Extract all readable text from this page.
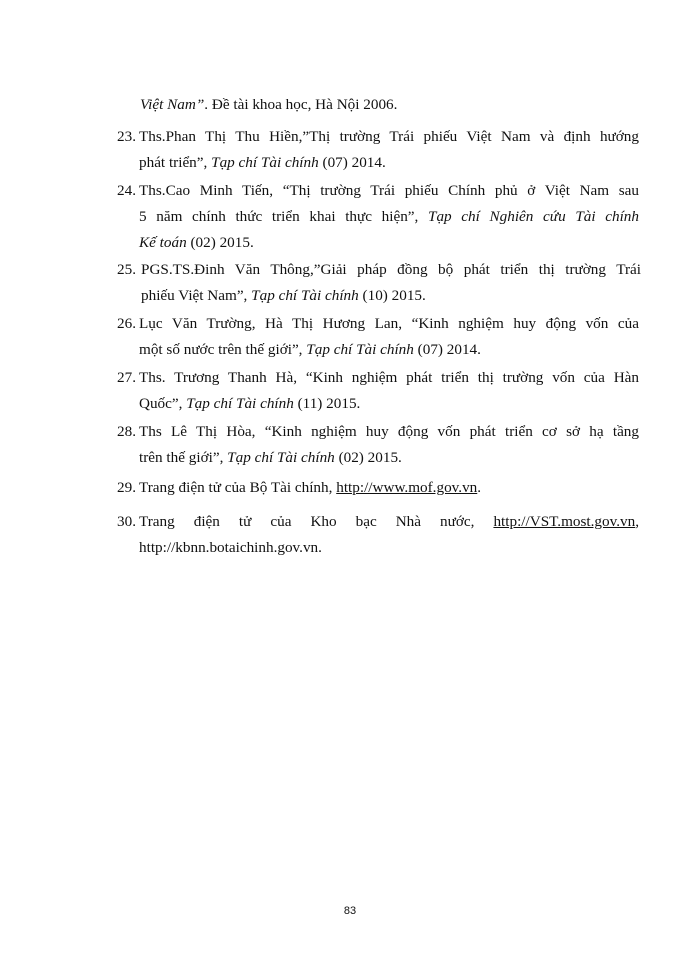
Việt Nam”. Đề tài khoa học, Hà Nội 2006.
23. Ths.Phan Thị Thu Hiền,”Thị trường Trái phiếu Việt Nam và định hướng
phát triển”, Tạp chí Tài chính (07) 2014.
24. Ths.Cao Minh Tiến, “Thị trường Trái phiếu Chính phủ ở Việt Nam sau
5 năm chính thức triển khai thực hiện”, Tạp chí Nghiên cứu Tài chính
Kế toán (02) 2015.
25. PGS.TS.Đinh Văn Thông,”Giải pháp đồng bộ phát triển thị trường Trái
phiếu Việt Nam”, Tạp chí Tài chính (10) 2015.
26. Lục Văn Trường, Hà Thị Hương Lan, “Kinh nghiệm huy động vốn của
một số nước trên thế giới”, Tạp chí Tài chính (07) 2014.
27. Ths. Trương Thanh Hà, “Kinh nghiệm phát triển thị trường vốn của Hàn
Quốc”, Tạp chí Tài chính (11) 2015.
28. Ths Lê Thị Hòa, “Kinh nghiệm huy động vốn phát triển cơ sở hạ tầng
trên thế giới”, Tạp chí Tài chính (02) 2015.
29. Trang điện tử của Bộ Tài chính, http://www.mof.gov.vn.
30. Trang điện tử của Kho bạc Nhà nước, http://VST.most.gov.vn,
http://kbnn.botaichinh.gov.vn.
83
